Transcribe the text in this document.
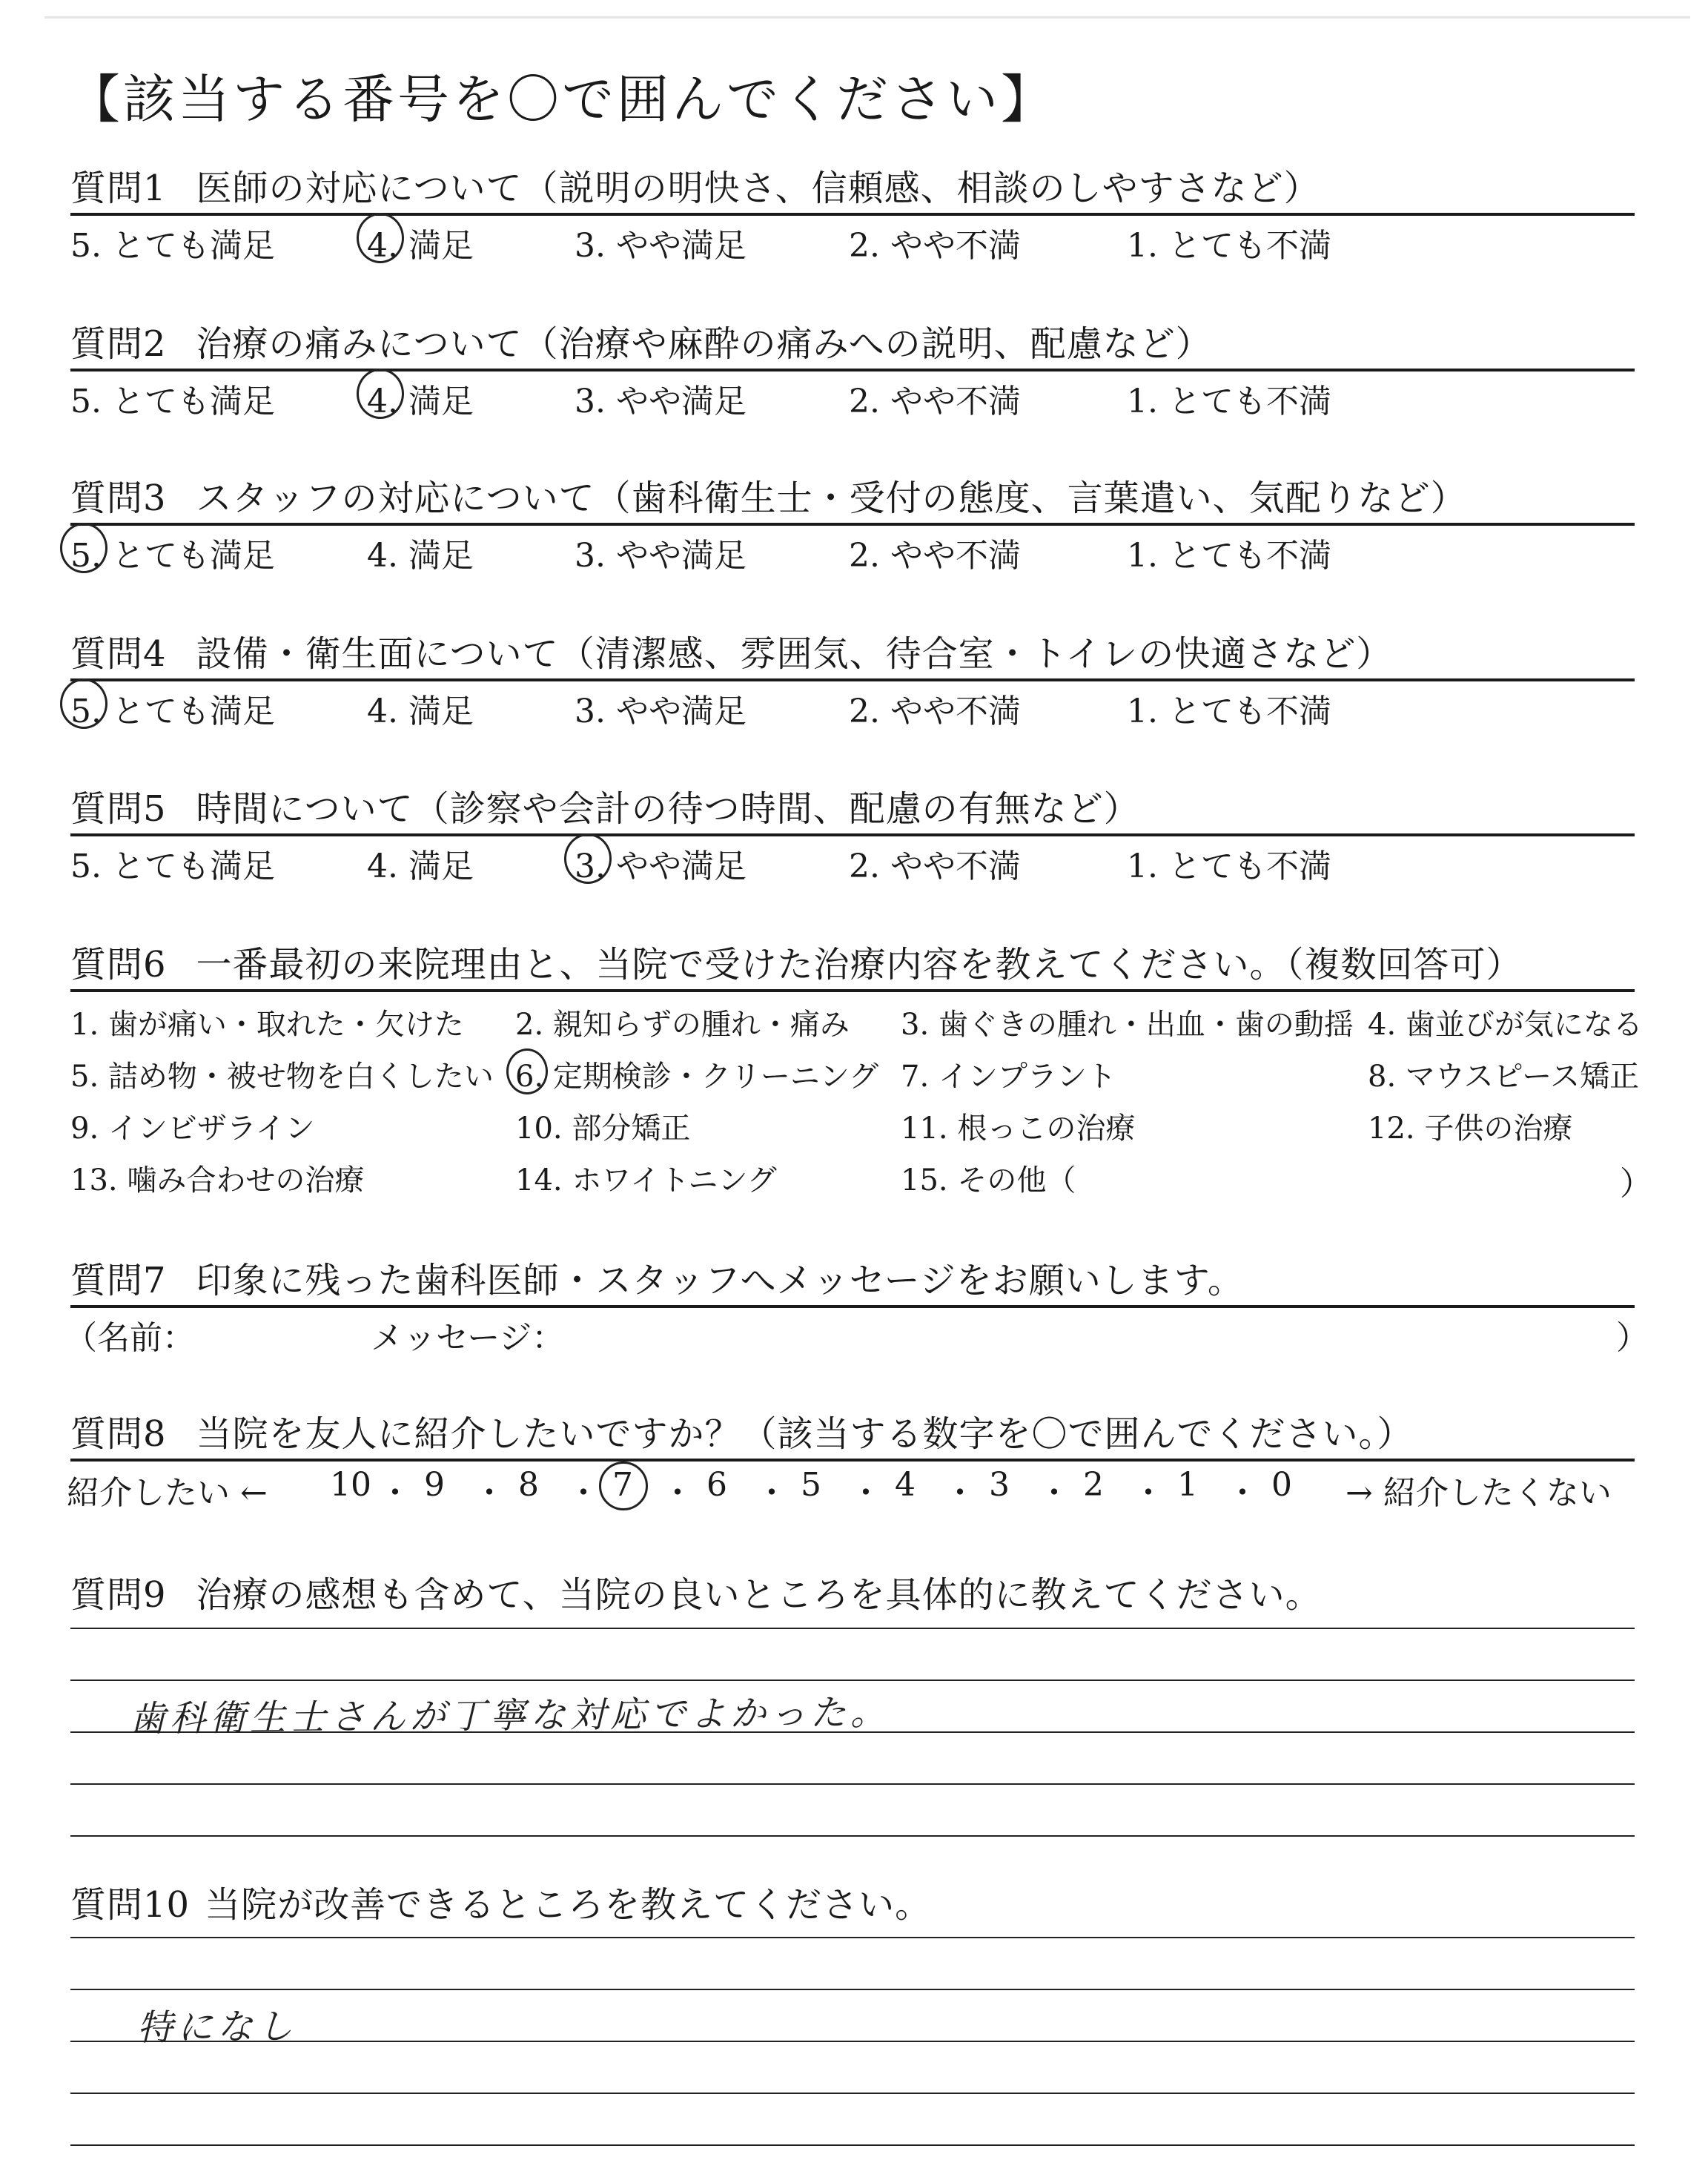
【該当する番号を〇で囲んでください】
質問1 医師の対応について（説明の明快さ、信頼感、相談のしやすさなど）
5. とても満足	4. 満足	3. やや満足	2. やや不満	1. とても不満
質問2 治療の痛みについて（治療や麻酔の痛みへの説明、配慮など）
5. とても満足	4. 満足	3. やや満足	2. やや不満	1. とても不満
質問3 スタッフの対応について（歯科衛生士・受付の態度、言葉遣い、気配りなど）
5. とても満足	4. 満足	3. やや満足	2. やや不満	1. とても不満
質問4 設備・衛生面について（清潔感、雰囲気、待合室・トイレの快適さなど）
5. とても満足	4. 満足	3. やや満足	2. やや不満	1. とても不満
質問5 時間について（診察や会計の待つ時間、配慮の有無など）
5. とても満足	4. 満足	3. やや満足	2. やや不満	1. とても不満
質問6 一番最初の来院理由と、当院で受けた治療内容を教えてください。（複数回答可）
1. 歯が痛い・取れた・欠けた 2. 親知らずの腫れ・痛み 3. 歯ぐきの腫れ・出血・歯の動揺 4. 歯並びが気になる
5. 詰め物・被せ物を白くしたい 6. 定期検診・クリーニング 7. インプラント	8. マウスピース矯正
9. インビザライン	10. 部分矯正	11. 根っこの治療	12. 子供の治療
13. 噛み合わせの治療	14. ホワイトニング	15. その他（	）
質問7 印象に残った歯科医師・スタッフへメッセージをお願いします。
（名前：	メッセージ：	）
質問8 当院を友人に紹介したいですか？（該当する数字を〇で囲んでください。）
紹介したい ←	→ 紹介したくない
10 ・ 9 ・ 8 ・ 7 ・ 6 ・ 5 ・ 4 ・ 3 ・ 2 ・ 1 ・ 0
質問9 治療の感想も含めて、当院の良いところを具体的に教えてください。
歯科衛生士さんが丁寧な対応でよかった。
質問10 当院が改善できるところを教えてください。
特になし
